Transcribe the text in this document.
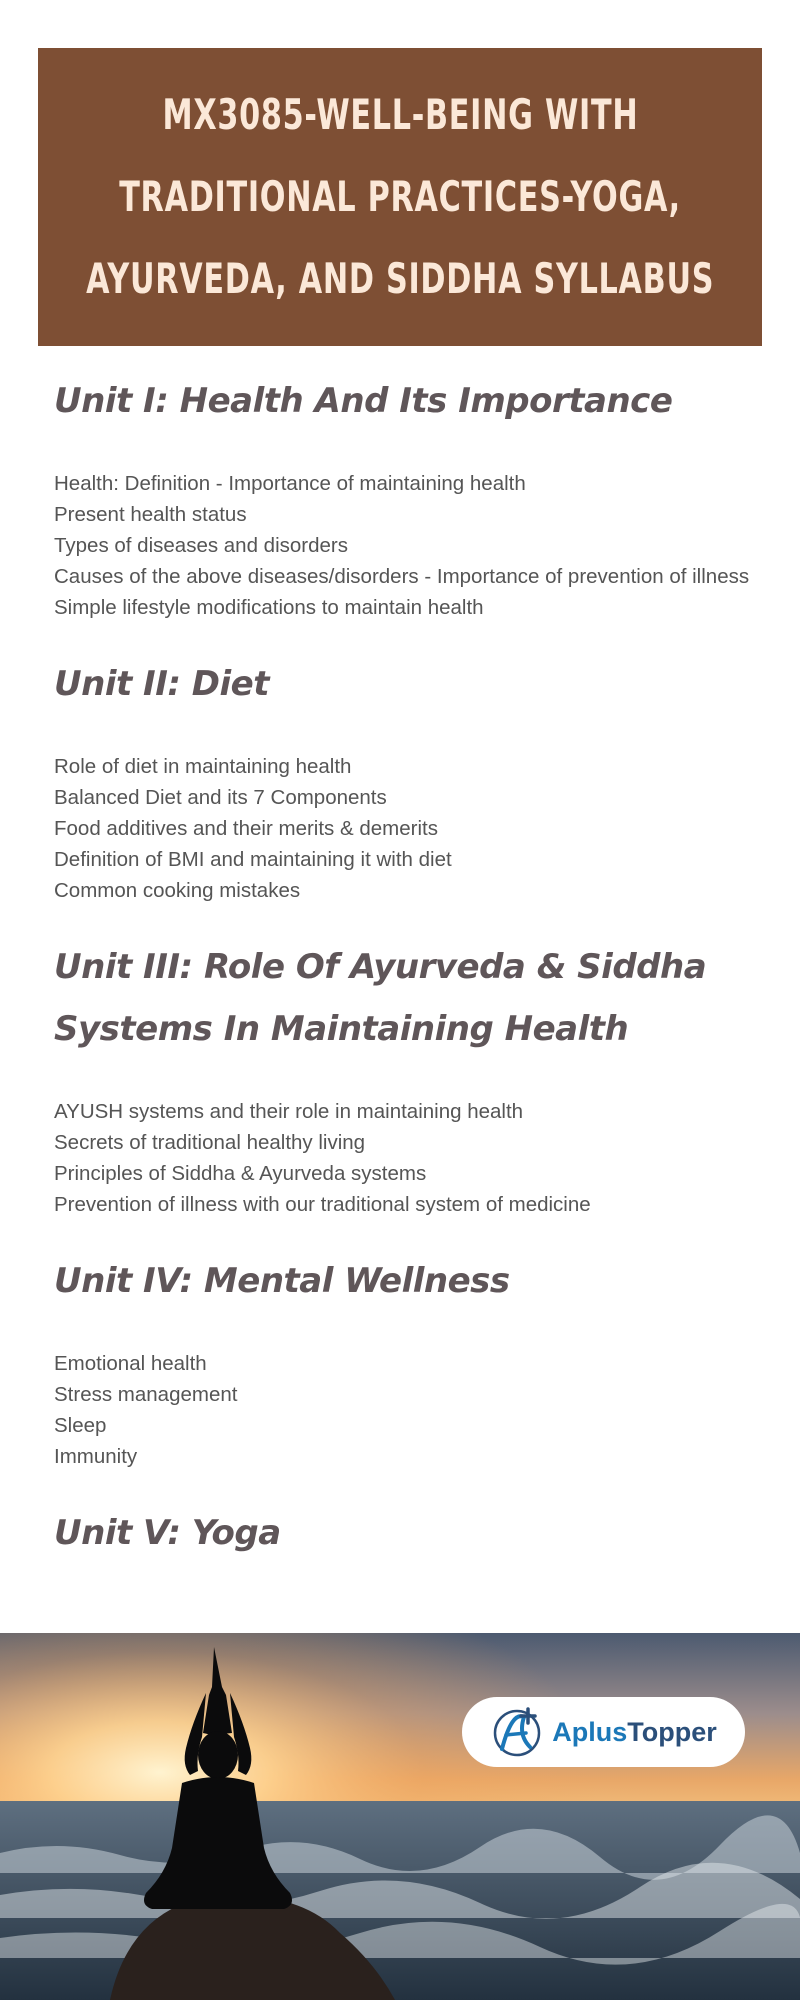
MX3085-WELL-BEING WITH
TRADITIONAL PRACTICES-YOGA,
AYURVEDA, AND SIDDHA SYLLABUS
Unit I: Health And Its Importance
Health: Definition - Importance of maintaining health
Present health status
Types of diseases and disorders
Causes of the above diseases/disorders - Importance of prevention of illness
Simple lifestyle modifications to maintain health
Unit II: Diet
Role of diet in maintaining health
Balanced Diet and its 7 Components
Food additives and their merits & demerits
Definition of BMI and maintaining it with diet
Common cooking mistakes
Unit III: Role Of Ayurveda & Siddha Systems In Maintaining Health
AYUSH systems and their role in maintaining health
Secrets of traditional healthy living
Principles of Siddha & Ayurveda systems
Prevention of illness with our traditional system of medicine
Unit IV: Mental Wellness
Emotional health
Stress management
Sleep
Immunity
Unit V: Yoga
AplusTopper
